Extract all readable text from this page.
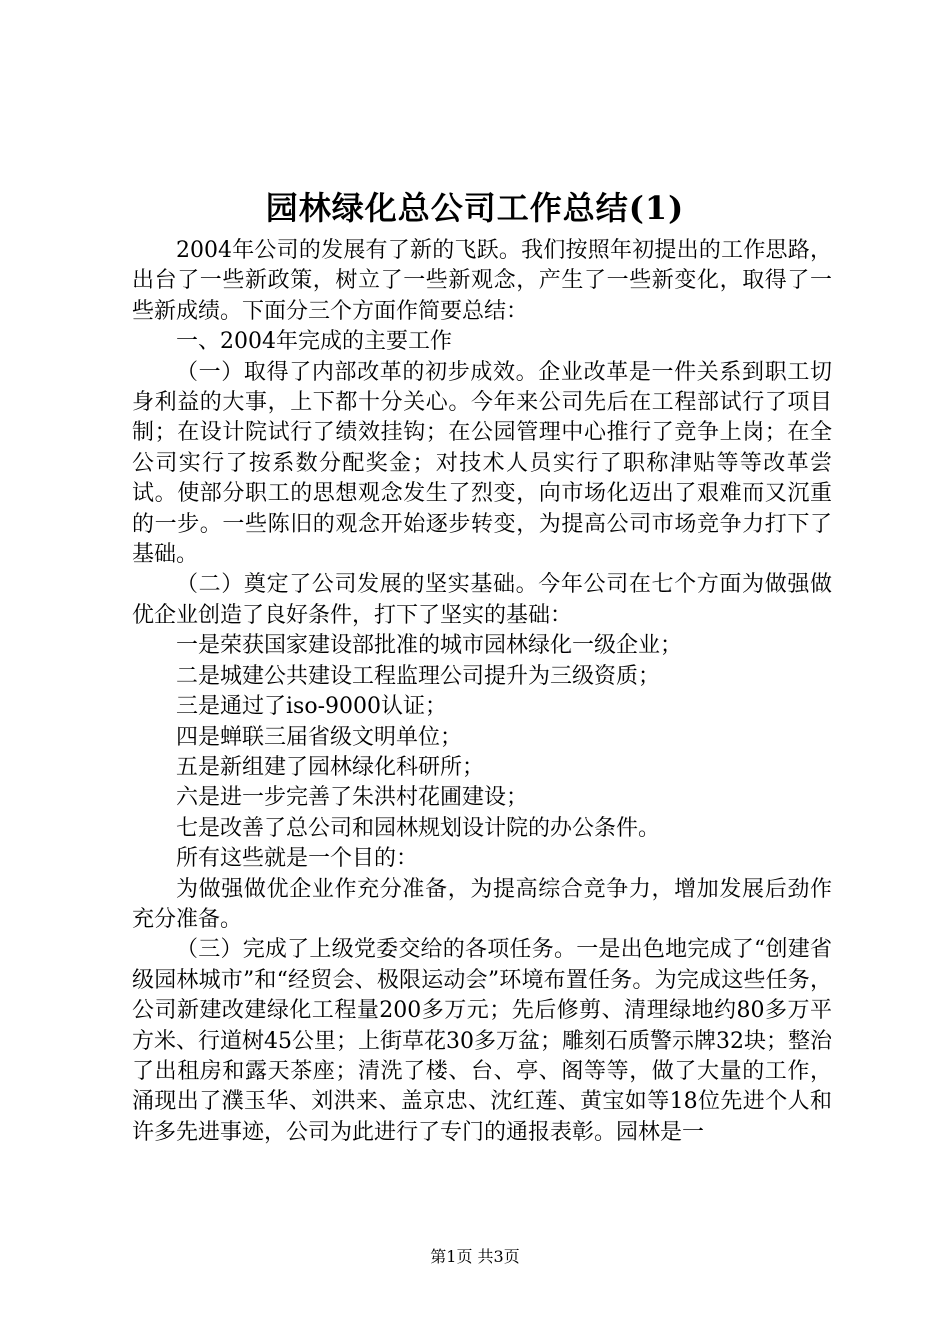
园林绿化总公司工作总结(1)

2004年公司的发展有了新的飞跃。我们按照年初提出的工作思路，出台了一些新政策，树立了一些新观念，产生了一些新变化，取得了一些新成绩。下面分三个方面作简要总结：

一、2004年完成的主要工作

（一）取得了内部改革的初步成效。企业改革是一件关系到职工切身利益的大事，上下都十分关心。今年来公司先后在工程部试行了项目制；在设计院试行了绩效挂钩；在公园管理中心推行了竞争上岗；在全公司实行了按系数分配奖金；对技术人员实行了职称津贴等等改革尝试。使部分职工的思想观念发生了烈变，向市场化迈出了艰难而又沉重的一步。一些陈旧的观念开始逐步转变，为提高公司市场竞争力打下了基础。

（二）奠定了公司发展的坚实基础。今年公司在七个方面为做强做优企业创造了良好条件，打下了坚实的基础：

一是荣获国家建设部批准的城市园林绿化一级企业；

二是城建公共建设工程监理公司提升为三级资质；

三是通过了iso-9000认证；

四是蝉联三届省级文明单位；

五是新组建了园林绿化科研所；

六是进一步完善了朱洪村花圃建设；

七是改善了总公司和园林规划设计院的办公条件。

所有这些就是一个目的：

为做强做优企业作充分准备，为提高综合竞争力，增加发展后劲作充分准备。

（三）完成了上级党委交给的各项任务。一是出色地完成了“创建省级园林城市”和“经贸会、极限运动会”环境布置任务。为完成这些任务，公司新建改建绿化工程量200多万元；先后修剪、清理绿地约80多万平方米、行道树45公里；上街草花30多万盆；雕刻石质警示牌32块；整治了出租房和露天茶座；清洗了楼、台、亭、阁等等，做了大量的工作，涌现出了濮玉华、刘洪来、盖京忠、沈红莲、黄宝如等18位先进个人和许多先进事迹，公司为此进行了专门的通报表彰。园林是一

第1页 共3页
